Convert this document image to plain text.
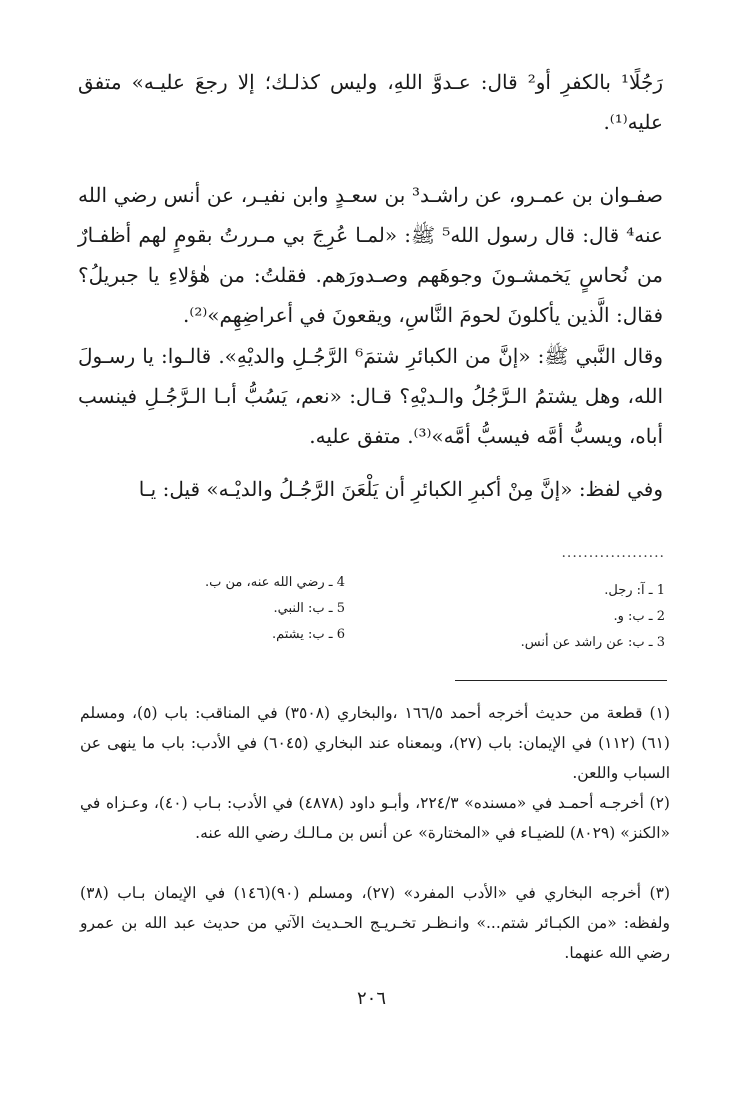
رَجُلًا¹ بالكفرِ أو² قال: عـدوَّ اللهِ، وليس كذلـك؛ إلا رجعَ عليـه» متفق عليه⁽¹⁾.

صفـوان بن عمـرو، عن راشـد³ بن سعـدٍ وابن نفيـر، عن أنس رضي الله عنه⁴ قال: قال رسول الله⁵ ﷺ: «لمـا عُرِجَ بي مـررتُ بقومٍ لهم أظفـارٌ من نُحاسٍ يَخمشـونَ وجوهَهم وصـدورَهم. فقلتُ: من هٰؤلاءِ يا جبريلُ؟ فقال: الَّذين يأكلونَ لحومَ النَّاسِ، ويقعونَ في أعراضِهِم»⁽²⁾.

وقال النَّبي ﷺ: «إنَّ من الكبائرِ شتمَ⁶ الرَّجُـلِ والديْهِ». قالـوا: يا رسـولَ الله، وهل يشتمُ الـرَّجُلُ والـديْهِ؟ قـال: «نعم، يَسُبُّ أبـا الـرَّجُـلِ فينسب أباه، ويسبُّ أمَّه فيسبُّ أمَّه»⁽³⁾. متفق عليه.

وفي لفظ: «إنَّ مِنْ أكبرِ الكبائرِ أن يَلْعَنَ الرَّجُـلُ والديْـه» قيل: يـا

...................
1 ـ آ: رجل.
2 ـ ب: و.
3 ـ ب: عن راشد عن أنس.
4 ـ رضي الله عنه، من ب.
5 ـ ب: النبي.
6 ـ ب: يشتم.

(١) قطعة من حديث أخرجه أحمد ١٦٦/٥ ،والبخاري (٣٥٠٨) في المناقب: باب (٥)، ومسلم (٦١) (١١٢) في الإيمان: باب (٢٧)، وبمعناه عند البخاري (٦٠٤٥) في الأدب: باب ما ينهى عن السباب واللعن.

(٢) أخرجـه أحمـد في «مسنده» ٢٢٤/٣، وأبـو داود (٤٨٧٨) في الأدب: بـاب (٤٠)، وعـزاه في «الكنز» (٨٠٢٩) للضيـاء في «المختارة» عن أنس بن مـالـك رضي الله عنه.

(٣) أخرجه البخاري في «الأدب المفرد» (٢٧)، ومسلم (٩٠)(١٤٦) في الإيمان بـاب (٣٨) ولفظه: «من الكبـائر شتم...» وانـظـر تخـريـج الحـديث الآتي من حديث عبد الله بن عمرو رضي الله عنهما.

٢٠٦
